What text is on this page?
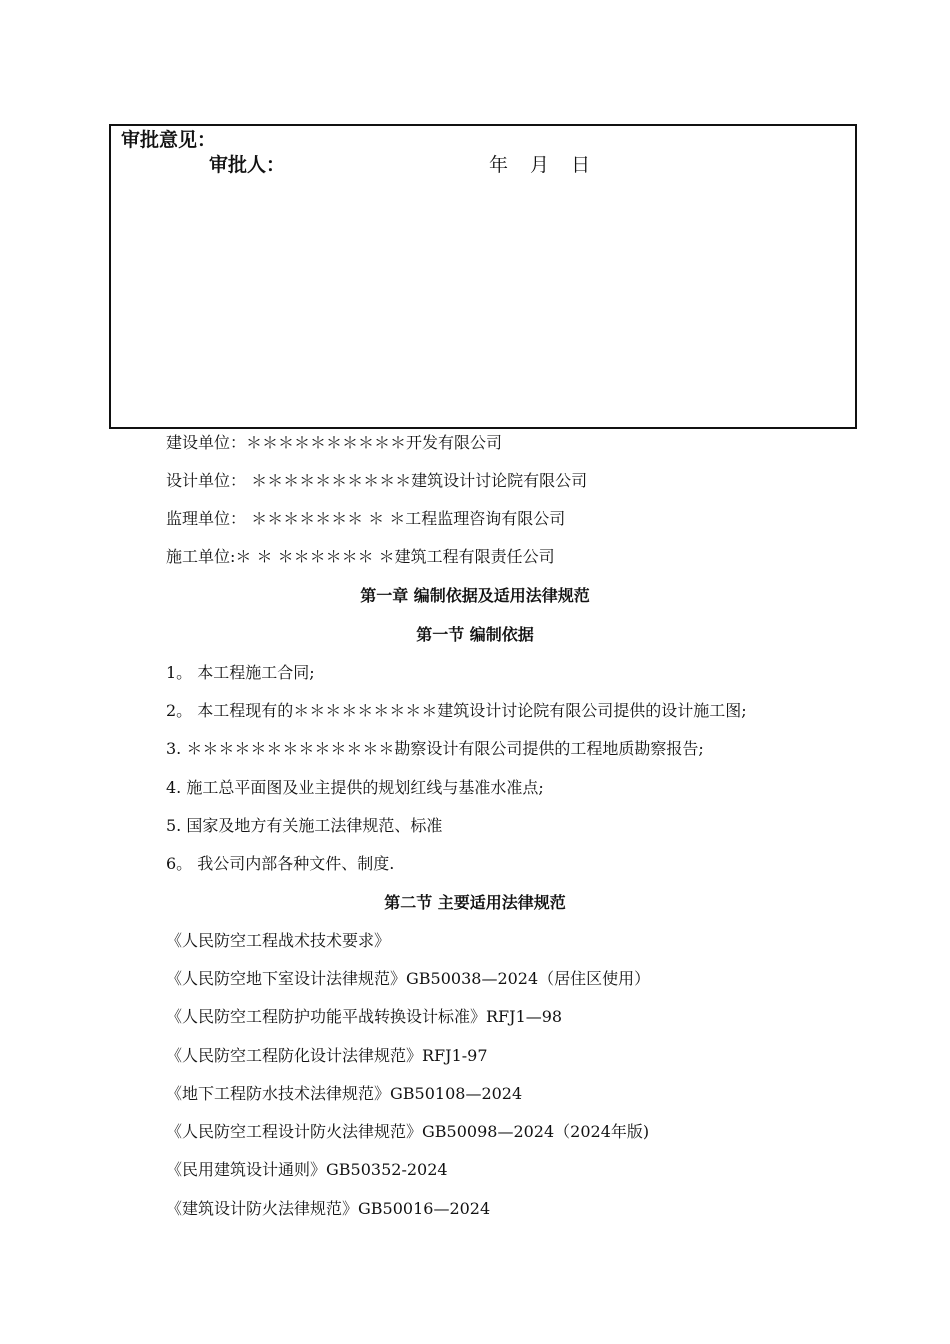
审批意见：
审批人：	年 月 日
建设单位：＊＊＊＊＊＊＊＊＊＊开发有限公司
设计单位： ＊＊＊＊＊＊＊＊＊＊建筑设计讨论院有限公司
监理单位： ＊＊＊＊＊＊＊ ＊ ＊工程监理咨询有限公司
施工单位:＊ ＊ ＊＊＊＊＊＊ ＊建筑工程有限责任公司
第一章 编制依据及适用法律规范
第一节 编制依据
1。 本工程施工合同;
2。 本工程现有的＊＊＊＊＊＊＊＊＊建筑设计讨论院有限公司提供的设计施工图;
3. ＊＊＊＊＊＊＊＊＊＊＊＊＊勘察设计有限公司提供的工程地质勘察报告;
4. 施工总平面图及业主提供的规划红线与基准水准点;
5. 国家及地方有关施工法律规范、标准
6。 我公司内部各种文件、制度.
第二节 主要适用法律规范
《人民防空工程战术技术要求》
《人民防空地下室设计法律规范》GB50038—2024（居住区使用）
《人民防空工程防护功能平战转换设计标准》RFJ1—98
《人民防空工程防化设计法律规范》RFJ1-97
《地下工程防水技术法律规范》GB50108—2024
《人民防空工程设计防火法律规范》GB50098—2024（2024年版)
《民用建筑设计通则》GB50352-2024
《建筑设计防火法律规范》GB50016—2024
